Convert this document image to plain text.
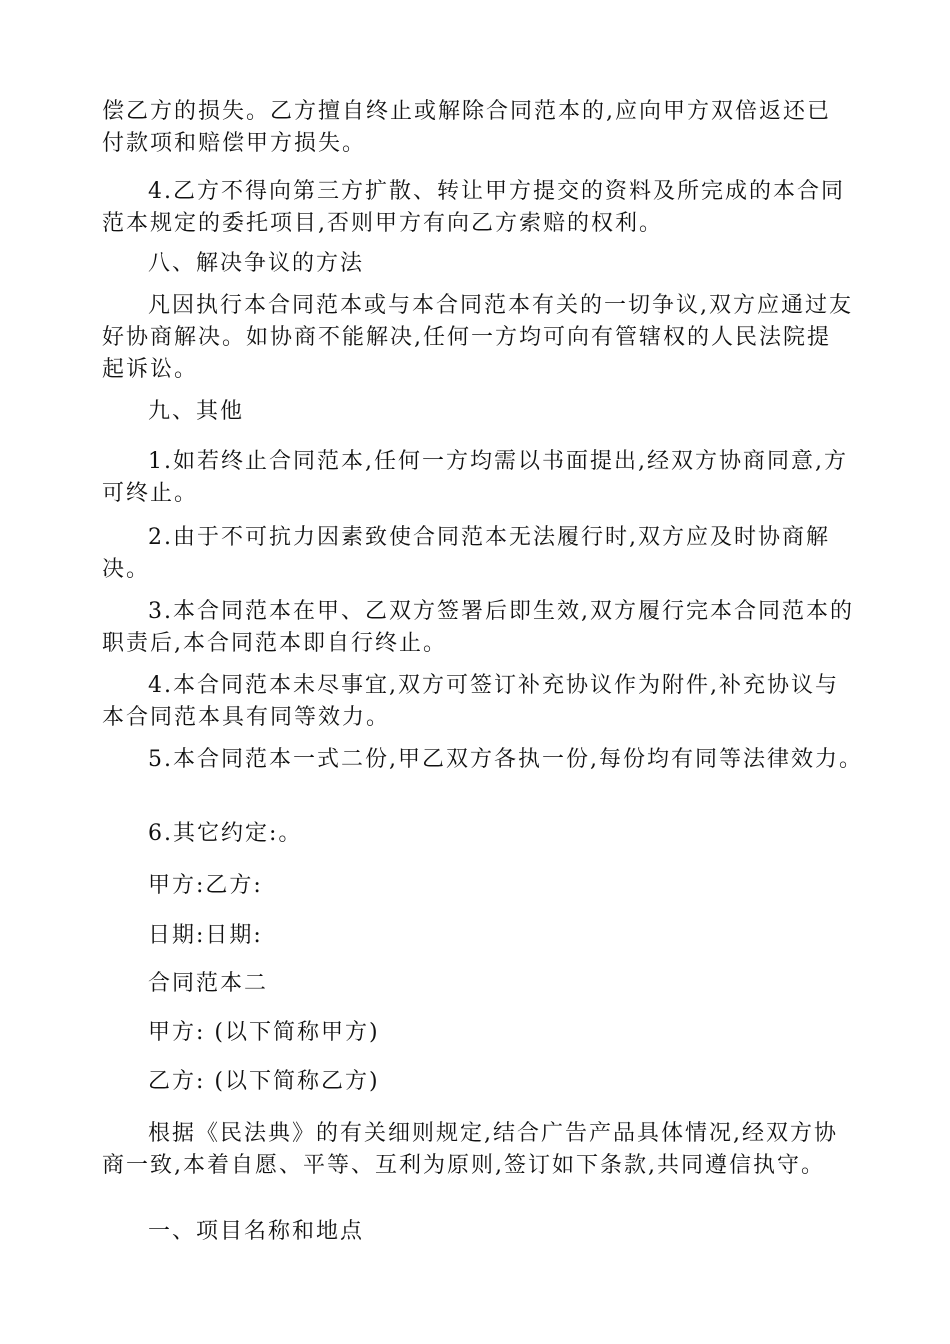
偿乙方的损失。乙方擅自终止或解除合同范本的,应向甲方双倍返还已付款项和赔偿甲方损失。

4.乙方不得向第三方扩散、转让甲方提交的资料及所完成的本合同范本规定的委托项目,否则甲方有向乙方索赔的权利。

八、解决争议的方法

凡因执行本合同范本或与本合同范本有关的一切争议,双方应通过友好协商解决。如协商不能解决,任何一方均可向有管辖权的人民法院提起诉讼。

九、其他

1.如若终止合同范本,任何一方均需以书面提出,经双方协商同意,方可终止。

2.由于不可抗力因素致使合同范本无法履行时,双方应及时协商解决。

3.本合同范本在甲、乙双方签署后即生效,双方履行完本合同范本的职责后,本合同范本即自行终止。

4.本合同范本未尽事宜,双方可签订补充协议作为附件,补充协议与本合同范本具有同等效力。

5.本合同范本一式二份,甲乙双方各执一份,每份均有同等法律效力。

6.其它约定:。

甲方:乙方:

日期:日期:

合同范本二

甲方: (以下简称甲方)

乙方: (以下简称乙方)

根据《民法典》的有关细则规定,结合广告产品具体情况,经双方协商一致,本着自愿、平等、互利为原则,签订如下条款,共同遵信执守。

一、项目名称和地点
